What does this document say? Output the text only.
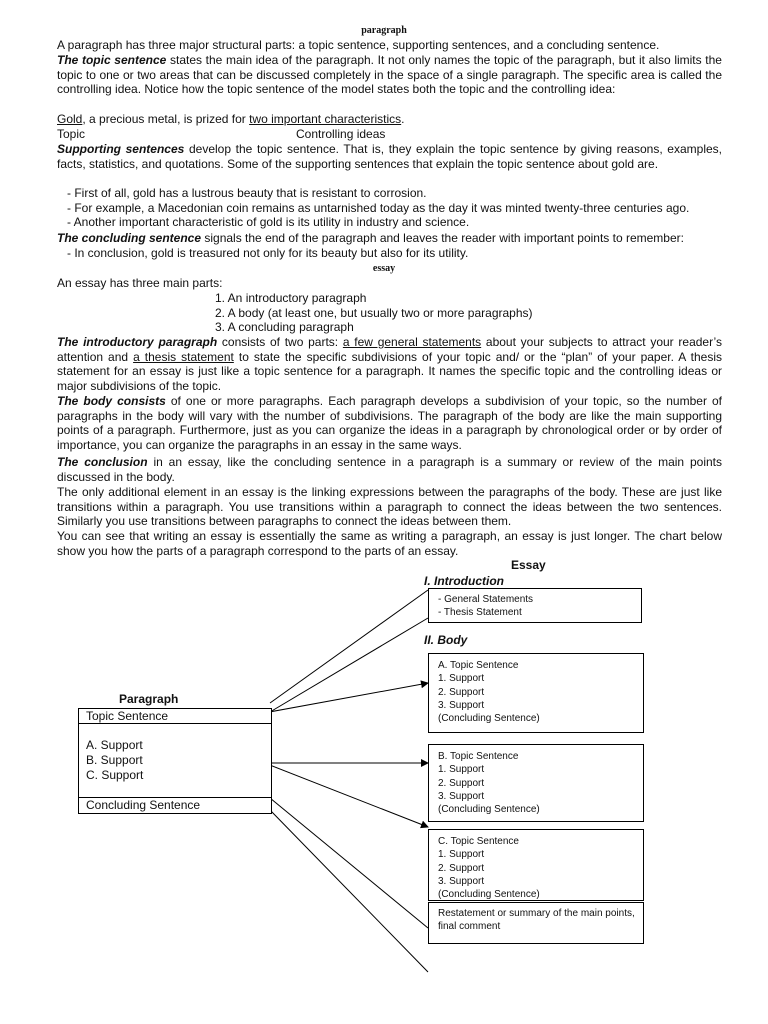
paragraph
A paragraph has three major structural parts: a topic sentence, supporting sentences, and a concluding sentence.
The topic sentence states the main idea of the paragraph. It not only names the topic of the paragraph, but it also limits the topic to one or two areas that can be discussed completely in the space of a single paragraph. The specific area is called the controlling idea. Notice how the topic sentence of the model states both the topic and the controlling idea:
Gold, a precious metal, is prized for two important characteristics.
Topic	Controlling ideas
Supporting sentences develop the topic sentence. That is, they explain the topic sentence by giving reasons, examples, facts, statistics, and quotations. Some of the supporting sentences that explain the topic sentence about gold are.
- First of all, gold has a lustrous beauty that is resistant to corrosion.
- For example, a Macedonian coin remains as untarnished today as the day it was minted twenty-three centuries ago.
- Another important characteristic of gold is its utility in industry and science.
The concluding sentence signals the end of the paragraph and leaves the reader with important points to remember:
- In conclusion, gold is treasured not only for its beauty but also for its utility.
essay
An essay has three main parts:
1. An introductory paragraph
2. A body (at least one, but usually two or more paragraphs)
3. A concluding paragraph
The introductory paragraph consists of two parts: a few general statements about your subjects to attract your reader’s attention and a thesis statement to state the specific subdivisions of your topic and/ or the “plan” of your paper. A thesis statement for an essay is just like a topic sentence for a paragraph. It names the specific topic and the controlling ideas or major subdivisions of the topic.
The body consists of one or more paragraphs. Each paragraph develops a subdivision of your topic, so the number of paragraphs in the body will vary with the number of subdivisions. The paragraph of the body are like the main supporting points of a paragraph. Furthermore, just as you can organize the ideas in a paragraph by chronological order or by order of importance, you can organize the paragraphs in an essay in the same ways.
The conclusion in an essay, like the concluding sentence in a paragraph is a summary or review of the main points discussed in the body.
The only additional element in an essay is the linking expressions between the paragraphs of the body. These are just like transitions within a paragraph. You use transitions within a paragraph to connect the ideas between the two sentences. Similarly you use transitions between paragraphs to connect the ideas between them.
You can see that writing an essay is essentially the same as writing a paragraph, an essay is just longer. The chart below show you how the parts of a paragraph correspond to the parts of an essay.
Essay
I. Introduction
- General Statements
- Thesis Statement
II. Body
A. Topic Sentence
1. Support
2. Support
3. Support
(Concluding Sentence)
B. Topic Sentence
1. Support
2. Support
3. Support
(Concluding Sentence)
C. Topic Sentence
1. Support
2. Support
3. Support
(Concluding Sentence)
Restatement or summary of the main points, final comment
Paragraph
Topic Sentence
A. Support
B. Support
C. Support
Concluding Sentence
